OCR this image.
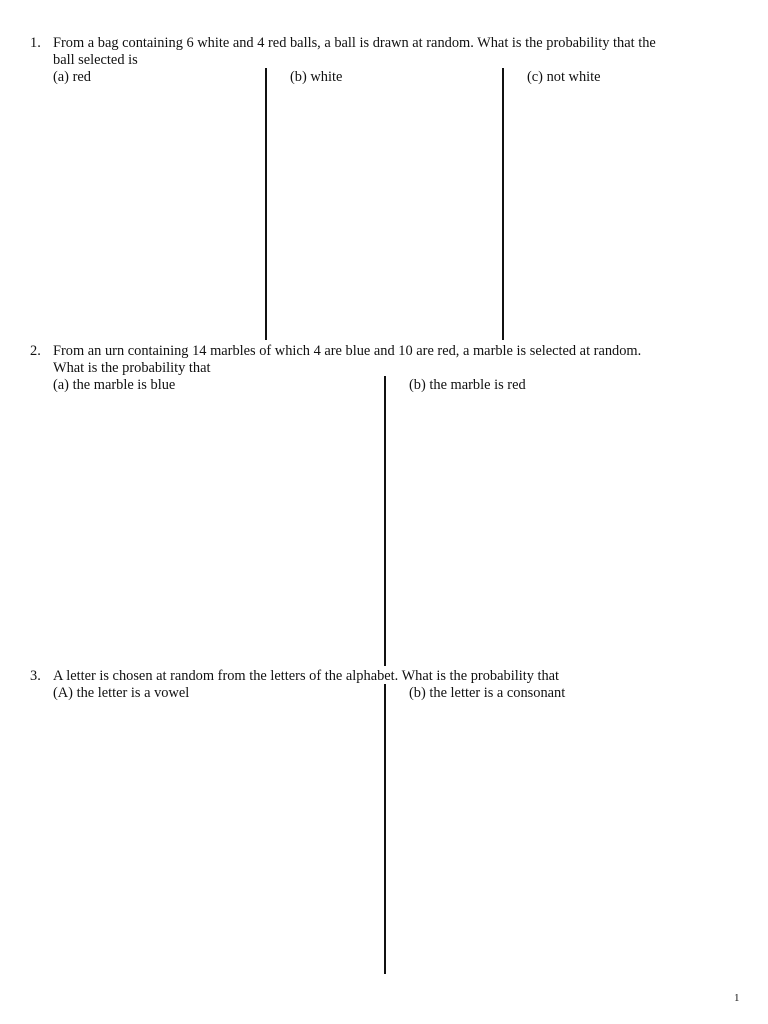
1. From a bag containing 6 white and 4 red balls, a ball is drawn at random. What is the probability that the
ball selected is
(a) red	(b) white	(c) not white
2. From an urn containing 14 marbles of which 4 are blue and 10 are red, a marble is selected at random.
What is the probability that
(a) the marble is blue	(b) the marble is red
3. A letter is chosen at random from the letters of the alphabet. What is the probability that
(A) the letter is a vowel	(b) the letter is a consonant
1
